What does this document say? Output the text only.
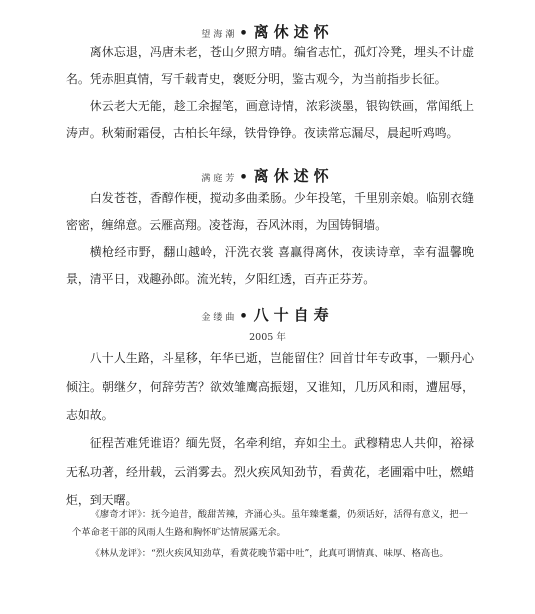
望海潮 • 离休述怀

离休忘退，冯唐未老，苍山夕照方晴。编省志忙，孤灯冷凳，埋头不计虚名。凭赤胆真情，写千载青史，褒贬分明，鉴古观今，为当前指步长征。

休云老大无能，趁工余握笔，画意诗情，浓彩淡墨，银钩铁画，常闻纸上涛声。秋菊耐霜侵，古柏长年绿，铁骨铮铮。夜读常忘漏尽，晨起听鸡鸣。

满庭芳 • 离休述怀

白发苍苍，香醇作梗，搅动多曲柔肠。少年投笔，千里别亲娘。临别衣缝密密，缠绵意。云雁高翔。凌苍海，吞风沐雨，为国铸铜墙。

横枪经市野，翻山越岭，汗洗衣裳 喜赢得离休，夜读诗章，幸有温馨晚景，清平日，戏趣孙郎。流光转，夕阳红透，百卉正芬芳。

金缕曲 • 八十自寿
2005 年

八十人生路，斗星移，年华已逝，岂能留住？回首廿年专政事，一颗丹心倾注。朝继夕，何辞劳苦？欲效雏鹰高振翅，又谁知，几历风和雨，遭屈辱，志如故。

征程苦难凭谁语？缅先贤，名牵利绾，弃如尘土。武穆精忠人共仰，裕禄无私功著，经卅载，云消雾去。烈火疾风知劲节，看黄花，老圃霜中吐，燃蜡炬，到天曙。

《廖奇才评》：抚今追昔，酸甜苦辣，齐涌心头。虽年臻耄耋，仍须话好，活得有意义，把一个革命老干部的风雨人生路和胸怀旷达情展露无余。

《林从龙评》：“烈火疾风知劲草，看黄花晚节霜中吐”，此真可谓情真、味厚、格高也。
